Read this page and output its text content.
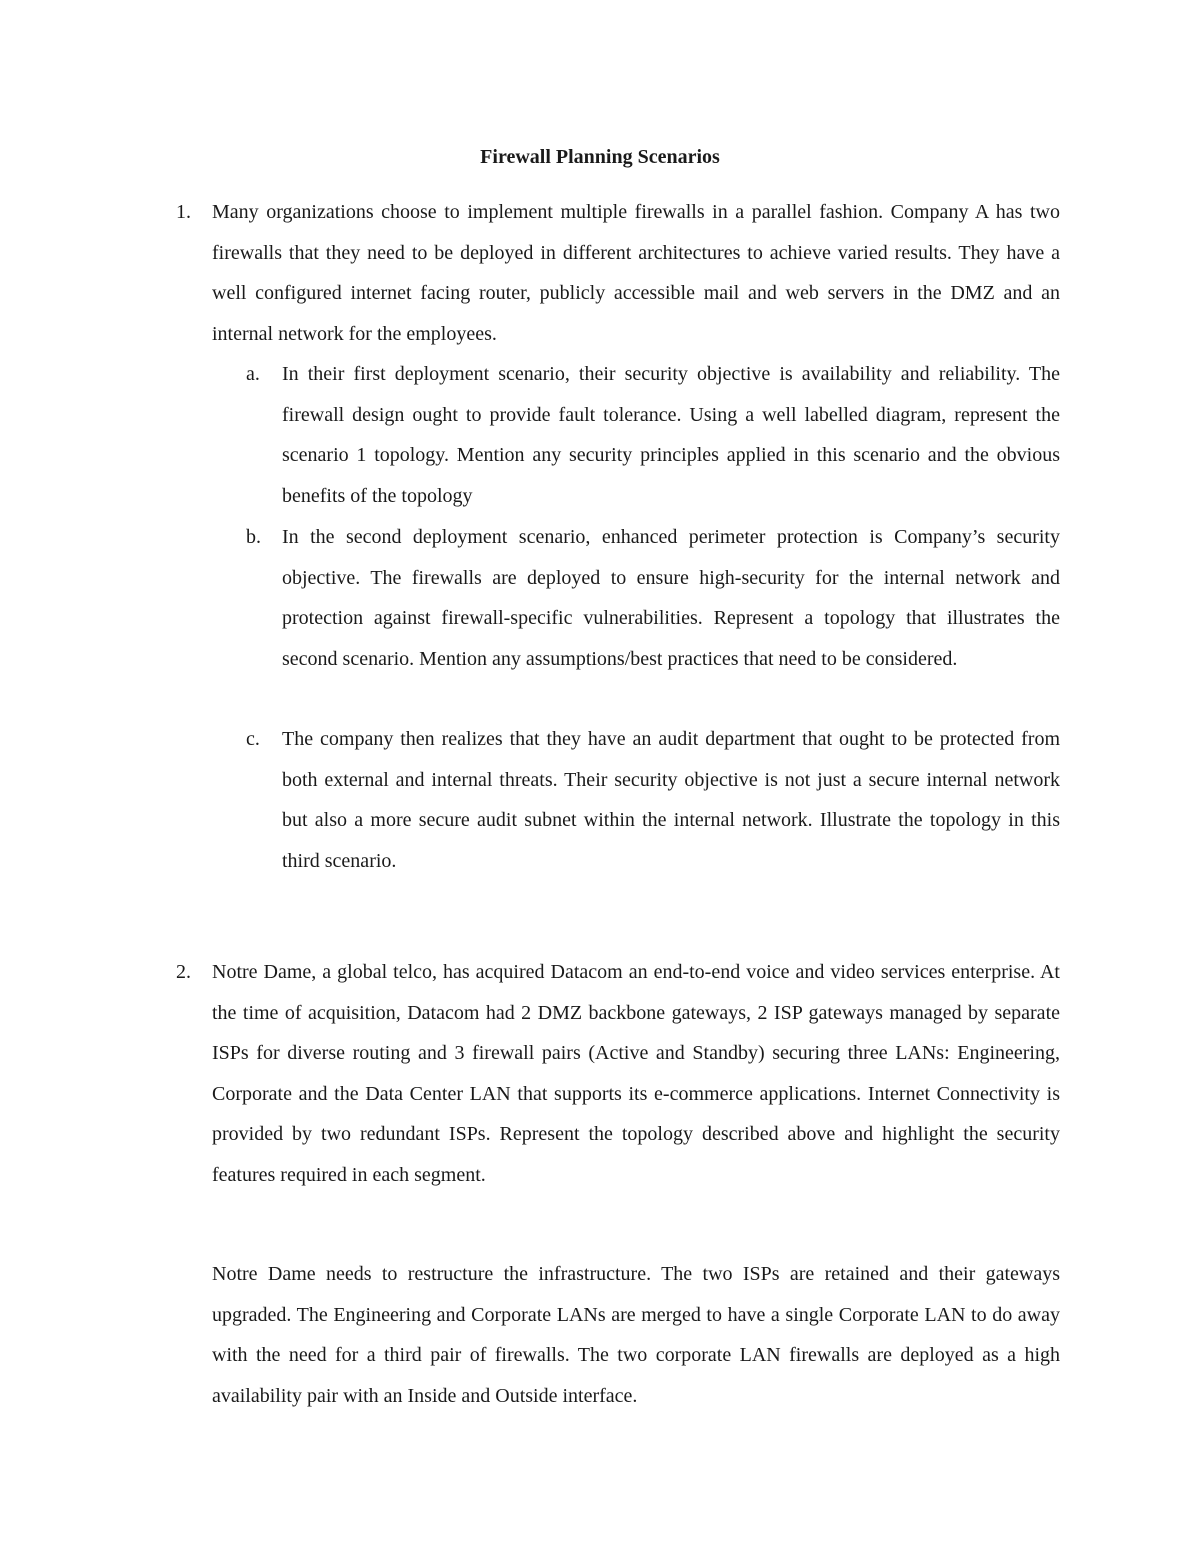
Firewall Planning Scenarios
1. Many organizations choose to implement multiple firewalls in a parallel fashion. Company A has two firewalls that they need to be deployed in different architectures to achieve varied results. They have a well configured internet facing router, publicly accessible mail and web servers in the DMZ and an internal network for the employees.

a. In their first deployment scenario, their security objective is availability and reliability. The firewall design ought to provide fault tolerance. Using a well labelled diagram, represent the scenario 1 topology. Mention any security principles applied in this scenario and the obvious benefits of the topology

b. In the second deployment scenario, enhanced perimeter protection is Company’s security objective. The firewalls are deployed to ensure high-security for the internal network and protection against firewall-specific vulnerabilities. Represent a topology that illustrates the second scenario. Mention any assumptions/best practices that need to be considered.

c. The company then realizes that they have an audit department that ought to be protected from both external and internal threats. Their security objective is not just a secure internal network but also a more secure audit subnet within the internal network. Illustrate the topology in this third scenario.

2. Notre Dame, a global telco, has acquired Datacom an end-to-end voice and video services enterprise. At the time of acquisition, Datacom had 2 DMZ backbone gateways, 2 ISP gateways managed by separate ISPs for diverse routing and 3 firewall pairs (Active and Standby) securing three LANs: Engineering, Corporate and the Data Center LAN that supports its e-commerce applications. Internet Connectivity is provided by two redundant ISPs. Represent the topology described above and highlight the security features required in each segment.

Notre Dame needs to restructure the infrastructure. The two ISPs are retained and their gateways upgraded. The Engineering and Corporate LANs are merged to have a single Corporate LAN to do away with the need for a third pair of firewalls. The two corporate LAN firewalls are deployed as a high availability pair with an Inside and Outside interface.
